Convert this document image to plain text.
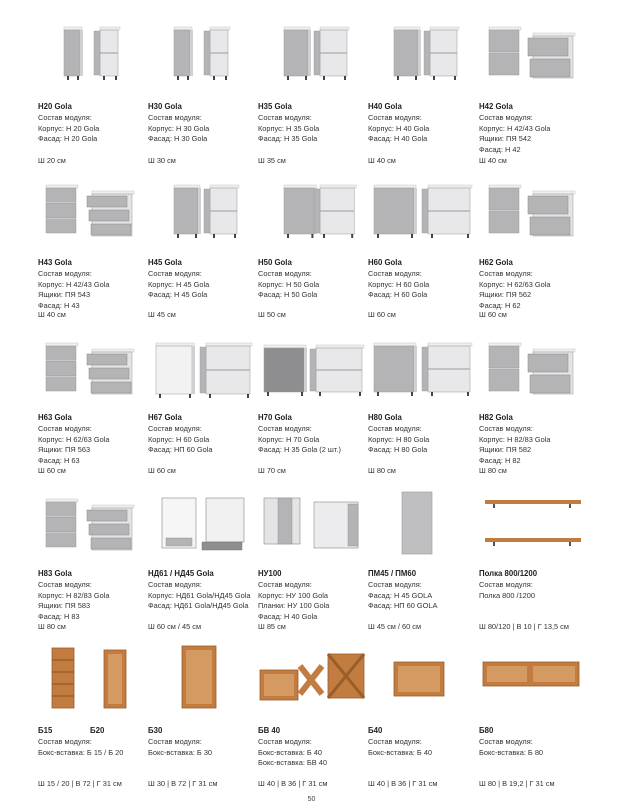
H20 Gola
Состав модуля:
Корпус: Н 20 Gola
Фасад: Н 20 Gola
Ш 20 см
H30 Gola
Состав модуля:
Корпус: Н 30 Gola
Фасад: Н 30 Gola
Ш 30 см
H35 Gola
Состав модуля:
Корпус: Н 35 Gola
Фасад: Н 35 Gola
Ш 35 см
H40 Gola
Состав модуля:
Корпус: Н 40 Gola
Фасад: Н 40 Gola
Ш 40 см
H42 Gola
Состав модуля:
Корпус: Н 42/43 Gola
Ящики: ПЯ 542
Фасад: Н 42
Ш 40 см
H43 Gola
Состав модуля:
Корпус: Н 42/43 Gola
Ящики: ПЯ 543
Фасад: Н 43
Ш 40 см
H45 Gola
Состав модуля:
Корпус: Н 45 Gola
Фасад: Н 45 Gola
Ш 45 см
H50 Gola
Состав модуля:
Корпус: Н 50 Gola
Фасад: Н 50 Gola
Ш 50 см
H60 Gola
Состав модуля:
Корпус: Н 60 Gola
Фасад: Н 60 Gola
Ш 60 см
H62 Gola
Состав модуля:
Корпус: Н 62/63 Gola
Ящики: ПЯ 562
Фасад: Н 62
Ш 60 см
H63 Gola
Состав модуля:
Корпус: Н 62/63 Gola
Ящики: ПЯ 563
Фасад: Н 63
Ш 60 см
H67 Gola
Состав модуля:
Корпус: Н 60 Gola
Фасад: НП 60 Gola
Ш 60 см
H70 Gola
Состав модуля:
Корпус: Н 70 Gola
Фасад: Н 35 Gola (2 шт.)
Ш 70 см
H80 Gola
Состав модуля:
Корпус: Н 80 Gola
Фасад: Н 80 Gola
Ш 80 см
H82 Gola
Состав модуля:
Корпус: Н 82/83 Gola
Ящики: ПЯ 582
Фасад: Н 82
Ш 80 см
H83 Gola
Состав модуля:
Корпус: Н 82/83 Gola
Ящики: ПЯ 583
Фасад: Н 83
Ш 80 см
НД61 / НД45 Gola
Состав модуля:
Корпус: НД61 Gola/НД45 Gola
Фасад: НД61 Gola/НД45 Gola
Ш 60 см / 45 см
НУ100
Состав модуля:
Корпус: НУ 100 Gola
Планки: НУ 100 Gola
Фасад: Н 40 Gola
Ш 85 см
ПМ45 / ПМ60
Состав модуля:
Фасад: Н 45 GOLA
Фасад: НП 60 GOLA
Ш 45 см / 60 см
Полка 800/1200
Состав модуля:
Полка 800 /1200
Ш 80/120 | В 10 | Г 13,5 см
Б15	Б20
Состав модуля:
Бокс-вставка: Б 15 / Б 20
Ш 15 / 20 | В 72 | Г 31 см
Б30
Состав модуля:
Бокс-вставка: Б 30
Ш 30 | В 72 | Г 31 см
БВ 40
Состав модуля:
Бокс-вставка: Б 40
Бокс-вставка: БВ 40
Ш 40 | В 36 | Г 31 см
Б40
Состав модуля:
Бокс-вставка: Б 40
Ш 40 | В 36 | Г 31 см
Б80
Состав модуля:
Бокс-вставка: Б 80
Ш 80 | В 19,2 | Г 31 см
50
